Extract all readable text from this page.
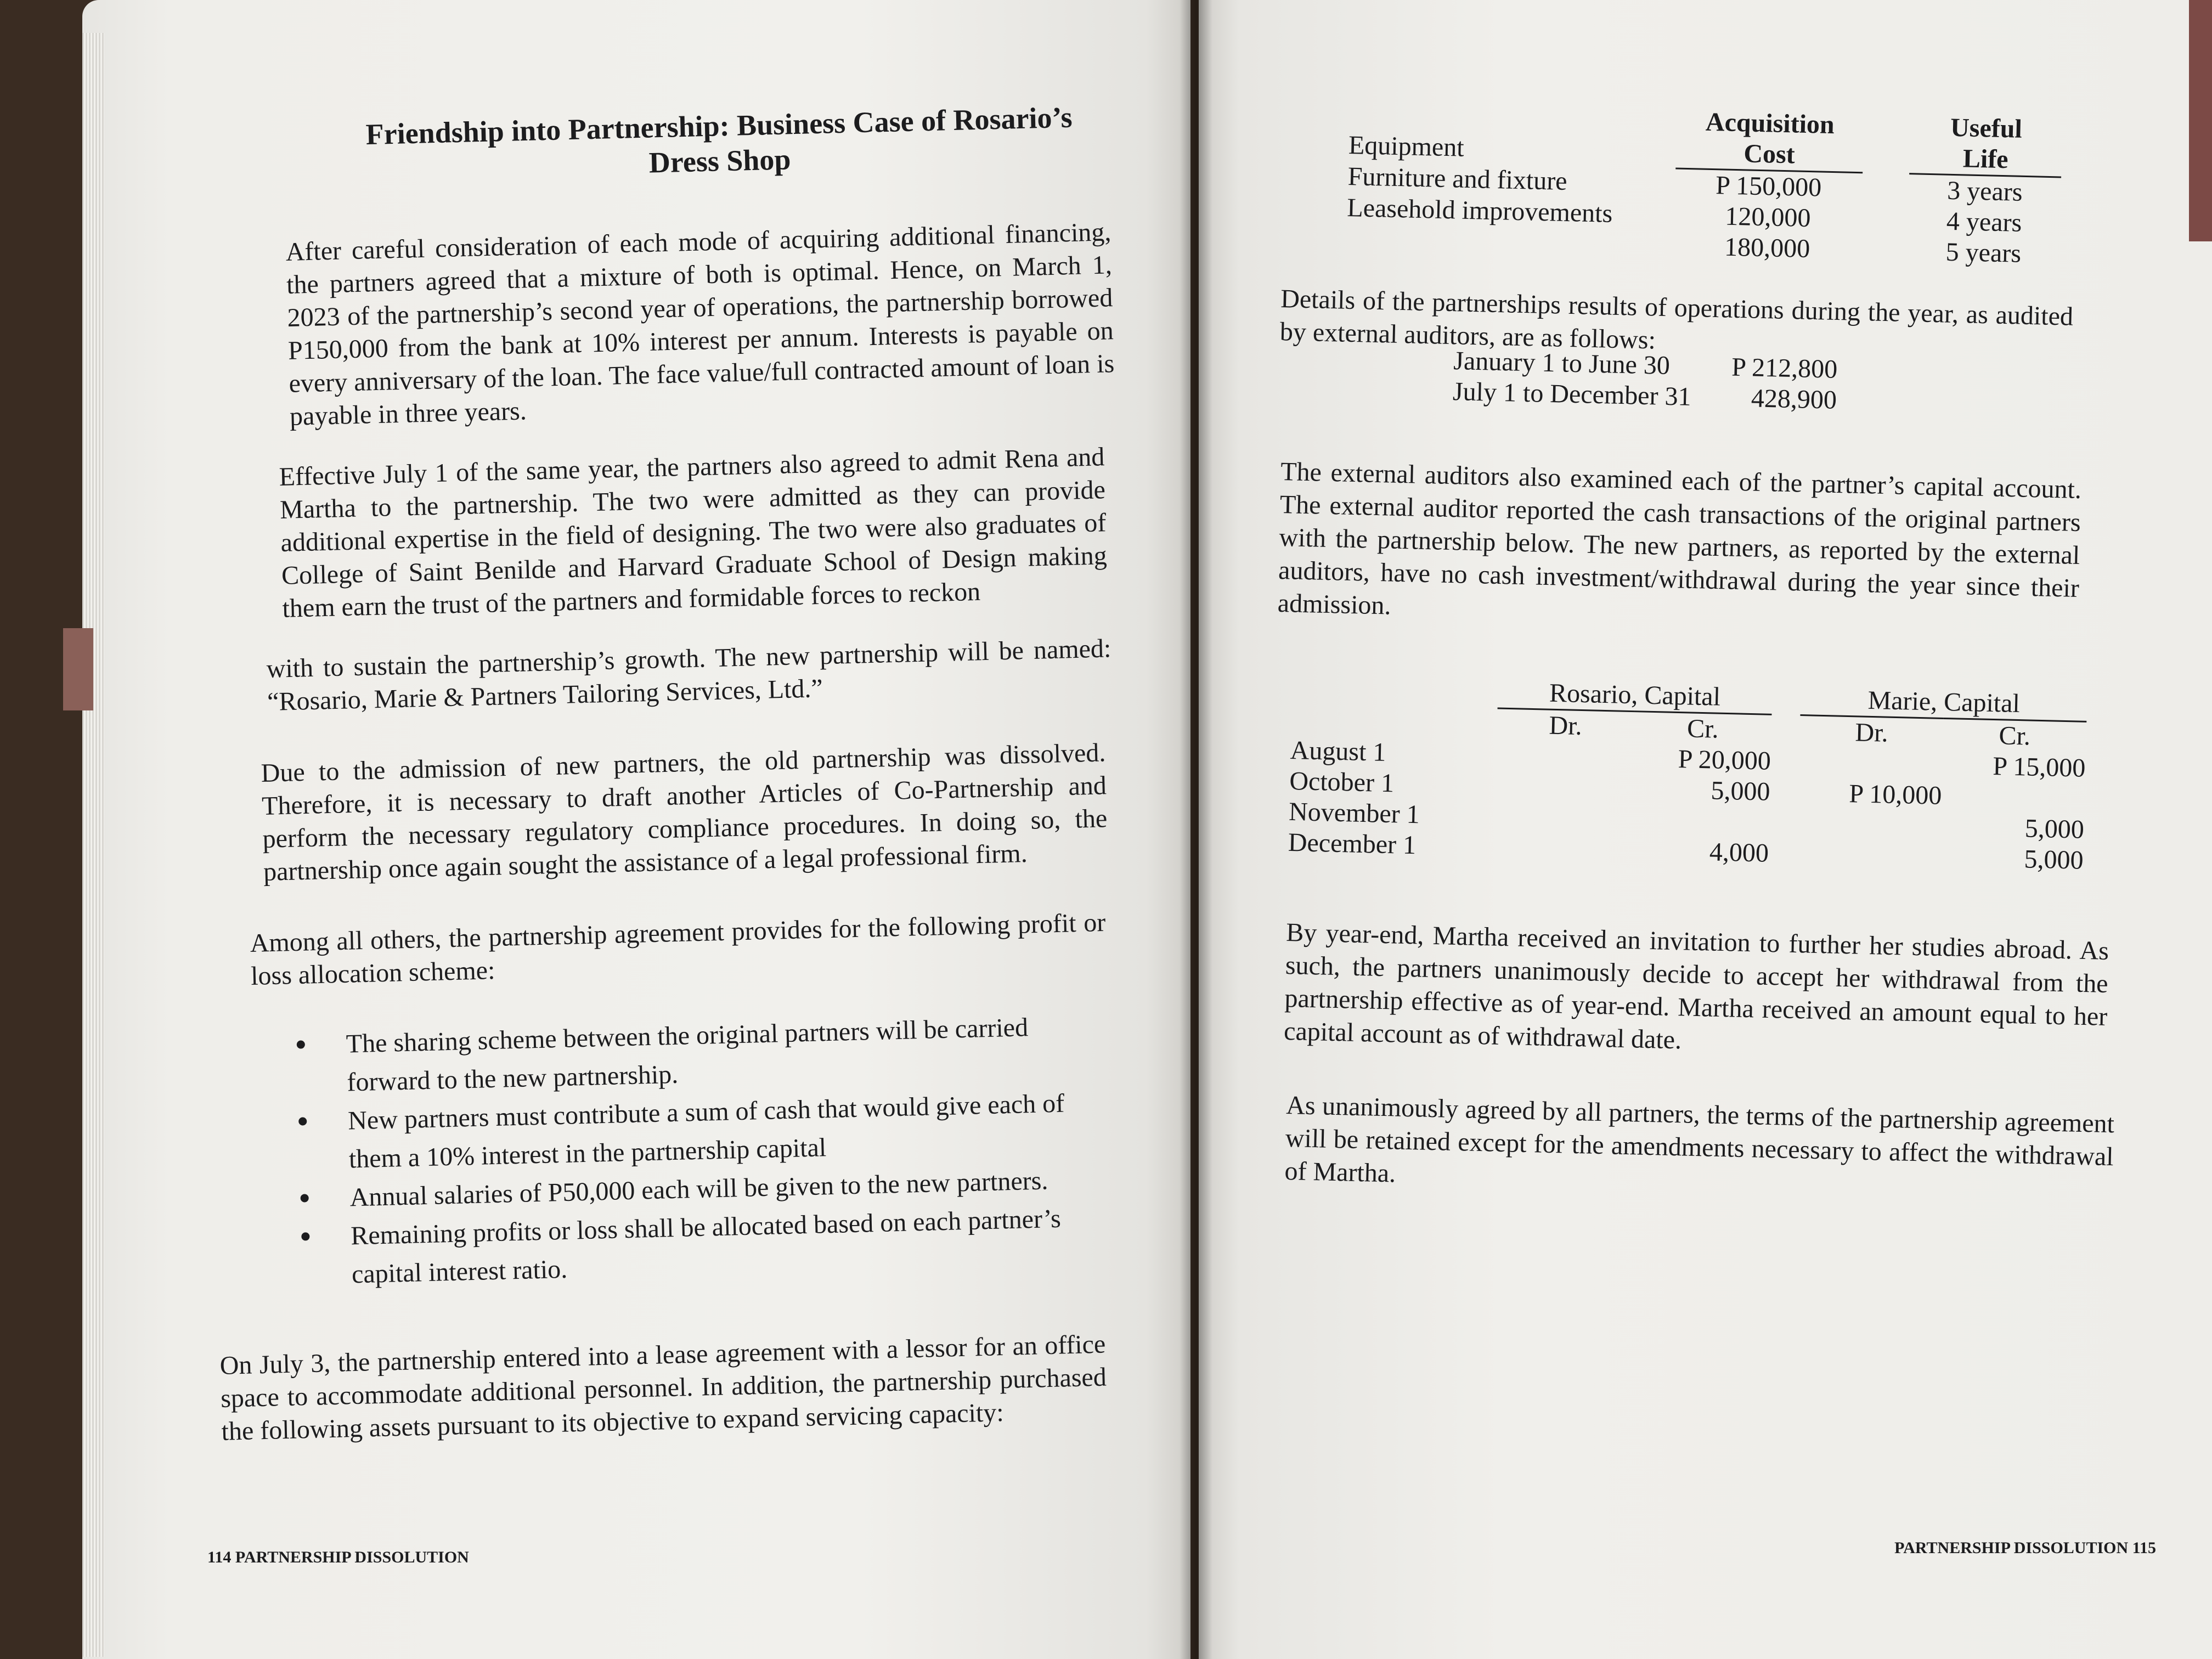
Friendship into Partnership: Business Case of Rosario’s
Dress Shop

After careful consideration of each mode of acquiring additional financing, the partners agreed that a mixture of both is optimal. Hence, on March 1, 2023 of the partnership’s second year of operations, the partnership borrowed P150,000 from the bank at 10% interest per annum. Interests is payable on every anniversary of the loan. The face value/full contracted amount of loan is payable in three years.

Effective July 1 of the same year, the partners also agreed to admit Rena and Martha to the partnership. The two were admitted as they can provide additional expertise in the field of designing. The two were also graduates of College of Saint Benilde and Harvard Graduate School of Design making them earn the trust of the partners and formidable forces to reckon

with to sustain the partnership’s growth. The new partnership will be named: “Rosario, Marie & Partners Tailoring Services, Ltd.”

Due to the admission of new partners, the old partnership was dissolved. Therefore, it is necessary to draft another Articles of Co-Partnership and perform the necessary regulatory compliance procedures. In doing so, the partnership once again sought the assistance of a legal professional firm.

Among all others, the partnership agreement provides for the following profit or loss allocation scheme:

The sharing scheme between the original partners will be carried forward to the new partnership.
New partners must contribute a sum of cash that would give each of them a 10% interest in the partnership capital
Annual salaries of P50,000 each will be given to the new partners.
Remaining profits or loss shall be allocated based on each partner’s capital interest ratio.

On July 3, the partnership entered into a lease agreement with a lessor for an office space to accommodate additional personnel. In addition, the partnership purchased the following assets pursuant to its objective to expand servicing capacity:

114 PARTNERSHIP DISSOLUTION
	Acquisition		Useful
Equipment	Cost		Life
Furniture and fixture	P 150,000		3 years
Leasehold improvements	120,000		4 years
	180,000		5 years

Details of the partnerships results of operations during the year, as audited by external auditors, are as follows:

January 1 to June 30	P 212,800
July 1 to December 31	428,900

The external auditors also examined each of the partner’s capital account. The external auditor reported the cash transactions of the original partners with the partnership below. The new partners, as reported by the external auditors, have no cash investment/withdrawal during the year since their admission.

	Rosario, Capital			Marie, Capital	
	Dr.	Cr.		Dr.	Cr.
August 1		P 20,000			P 15,000
October 1		5,000		P 10,000	
November 1					5,000
December 1		4,000			5,000

By year-end, Martha received an invitation to further her studies abroad. As such, the partners unanimously decide to accept her withdrawal from the partnership effective as of year-end. Martha received an amount equal to her capital account as of withdrawal date.

As unanimously agreed by all partners, the terms of the partnership agreement will be retained except for the amendments necessary to affect the withdrawal of Martha.

PARTNERSHIP DISSOLUTION 115
